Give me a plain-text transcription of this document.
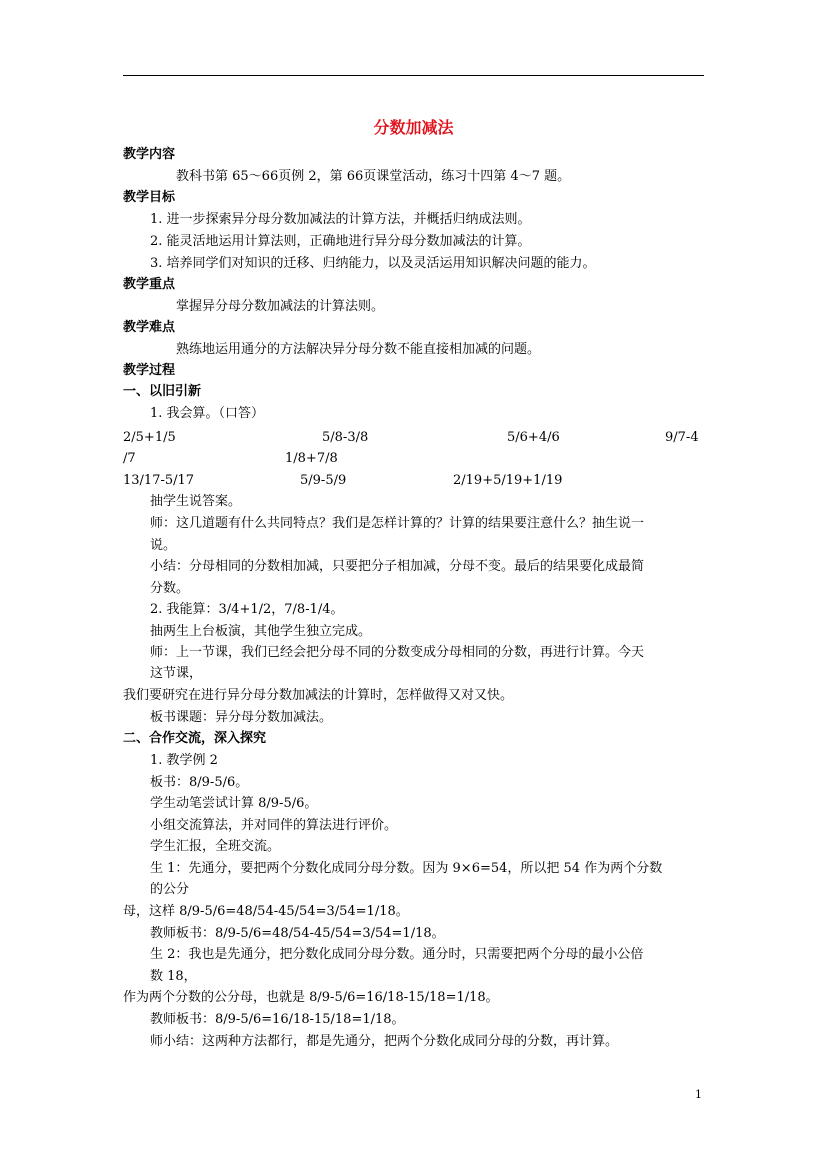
分数加减法
教学内容
教科书第 65～66页例 2，第 66页课堂活动，练习十四第 4～7 题。
教学目标
1. 进一步探索异分母分数加减法的计算方法，并概括归纳成法则。
2. 能灵活地运用计算法则，正确地进行异分母分数加减法的计算。
3. 培养同学们对知识的迁移、归纳能力，以及灵活运用知识解决问题的能力。
教学重点
掌握异分母分数加减法的计算法则。
教学难点
熟练地运用通分的方法解决异分母分数不能直接相加减的问题。
教学过程
一、以旧引新
1. 我会算。（口答）
2/5+1/5	5/8-3/8	5/6+4/6	9/7-4
/7	1/8+7/8
13/17-5/17	5/9-5/9	2/19+5/19+1/19
抽学生说答案。
师：这几道题有什么共同特点？我们是怎样计算的？计算的结果要注意什么？抽生说一
说。
小结：分母相同的分数相加减，只要把分子相加减，分母不变。最后的结果要化成最简
分数。
2. 我能算：3/4+1/2，7/8-1/4。
抽两生上台板演，其他学生独立完成。
师：上一节课，我们已经会把分母不同的分数变成分母相同的分数，再进行计算。今天
这节课，
我们要研究在进行异分母分数加减法的计算时，怎样做得又对又快。
板书课题：异分母分数加减法。
二、合作交流，深入探究
1. 教学例 2
板书：8/9-5/6。
学生动笔尝试计算 8/9-5/6。
小组交流算法，并对同伴的算法进行评价。
学生汇报，全班交流。
生 1：先通分，要把两个分数化成同分母分数。因为 9×6=54，所以把 54 作为两个分数
的公分
母，这样 8/9-5/6=48/54-45/54=3/54=1/18。
教师板书：8/9-5/6=48/54-45/54=3/54=1/18。
生 2：我也是先通分，把分数化成同分母分数。通分时，只需要把两个分母的最小公倍
数 18，
作为两个分数的公分母，也就是 8/9-5/6=16/18-15/18=1/18。
教师板书：8/9-5/6=16/18-15/18=1/18。
师小结：这两种方法都行，都是先通分，把两个分数化成同分母的分数，再计算。
1
